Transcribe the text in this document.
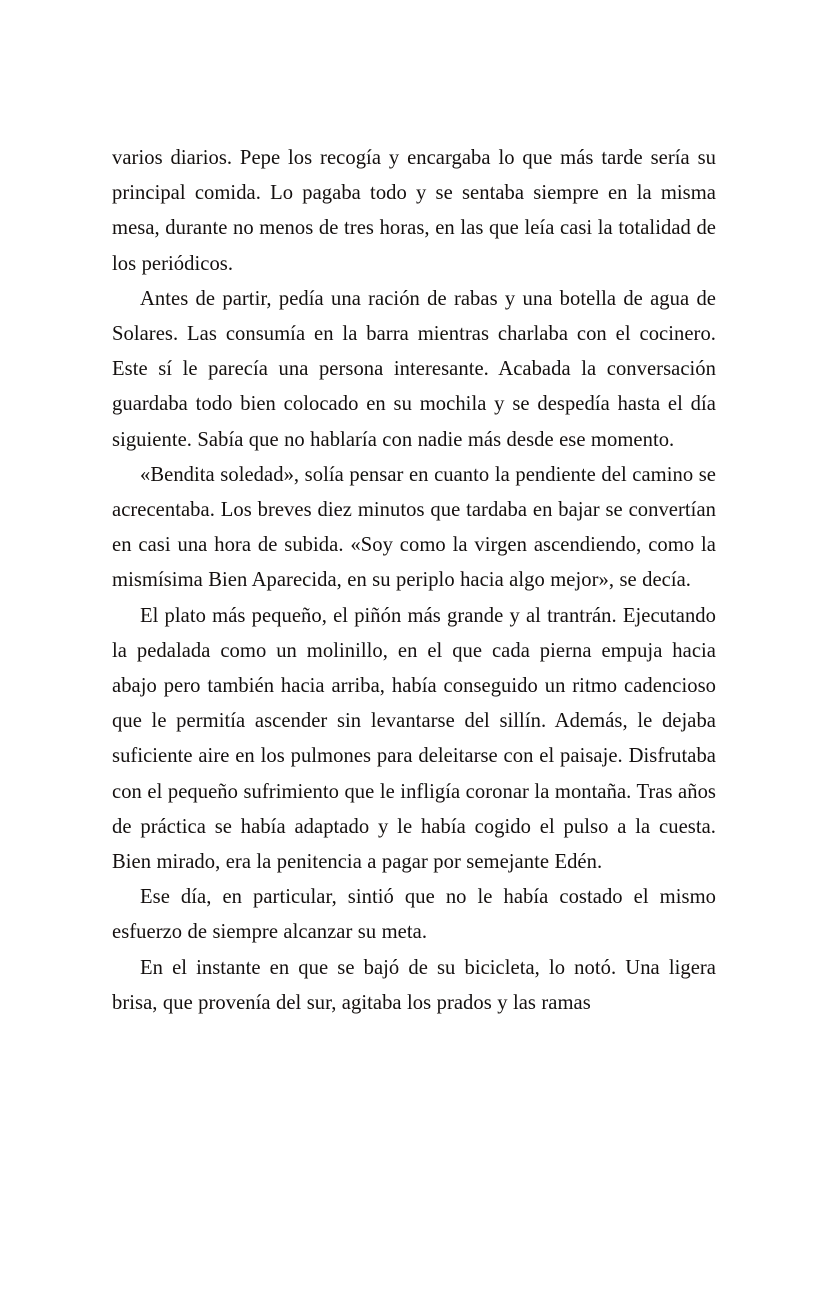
varios diarios. Pepe los recogía y encargaba lo que más tarde sería su principal comida. Lo pagaba todo y se sentaba siempre en la misma mesa, durante no menos de tres horas, en las que leía casi la totalidad de los periódicos.

Antes de partir, pedía una ración de rabas y una botella de agua de Solares. Las consumía en la barra mientras charlaba con el cocinero. Este sí le parecía una persona interesante. Acabada la conversación guardaba todo bien colocado en su mochila y se despedía hasta el día siguiente. Sabía que no hablaría con nadie más desde ese momento.

«Bendita soledad», solía pensar en cuanto la pendiente del camino se acrecentaba. Los breves diez minutos que tardaba en bajar se convertían en casi una hora de subida. «Soy como la virgen ascendiendo, como la mismísima Bien Aparecida, en su periplo hacia algo mejor», se decía.

El plato más pequeño, el piñón más grande y al trantrán. Ejecutando la pedalada como un molinillo, en el que cada pierna empuja hacia abajo pero también hacia arriba, había conseguido un ritmo cadencioso que le permitía ascender sin levantarse del sillín. Además, le dejaba suficiente aire en los pulmones para deleitarse con el paisaje. Disfrutaba con el pequeño sufrimiento que le infligía coronar la montaña. Tras años de práctica se había adaptado y le había cogido el pulso a la cuesta. Bien mirado, era la penitencia a pagar por semejante Edén.

Ese día, en particular, sintió que no le había costado el mismo esfuerzo de siempre alcanzar su meta.

En el instante en que se bajó de su bicicleta, lo notó. Una ligera brisa, que provenía del sur, agitaba los prados y las ramas
